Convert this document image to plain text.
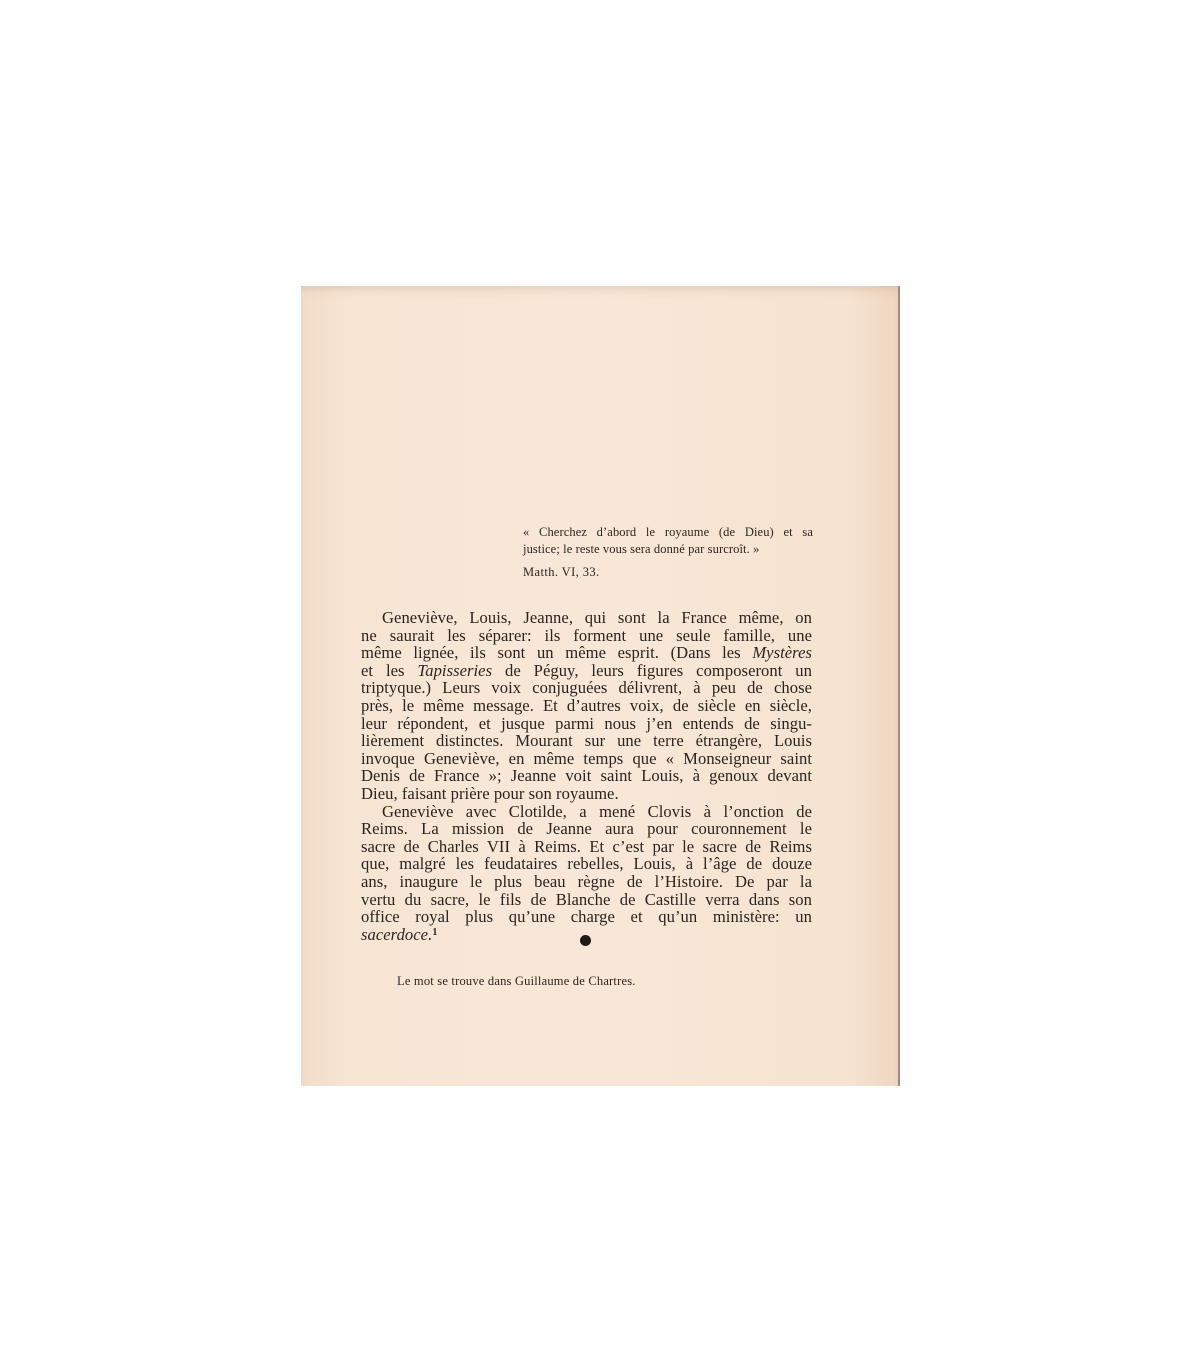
« Cherchez d’abord le royaume (de Dieu) et sa
justice; le reste vous sera donné par surcroît. »
Matth. VI, 33.

Geneviève, Louis, Jeanne, qui sont la France même, on
ne saurait les séparer: ils forment une seule famille, une
même lignée, ils sont un même esprit. (Dans les Mystères
et les Tapisseries de Péguy, leurs figures composeront un
triptyque.) Leurs voix conjuguées délivrent, à peu de chose
près, le même message. Et d’autres voix, de siècle en siècle,
leur répondent, et jusque parmi nous j’en entends de singu-
lièrement distinctes. Mourant sur une terre étrangère, Louis
invoque Geneviève, en même temps que « Monseigneur saint
Denis de France »; Jeanne voit saint Louis, à genoux devant
Dieu, faisant prière pour son royaume.

Geneviève avec Clotilde, a mené Clovis à l’onction de
Reims. La mission de Jeanne aura pour couronnement le
sacre de Charles VII à Reims. Et c’est par le sacre de Reims
que, malgré les feudataires rebelles, Louis, à l’âge de douze
ans, inaugure le plus beau règne de l’Histoire. De par la
vertu du sacre, le fils de Blanche de Castille verra dans son
office royal plus qu’une charge et qu’un ministère: un
sacerdoce.$^1$

Le mot se trouve dans Guillaume de Chartres.
